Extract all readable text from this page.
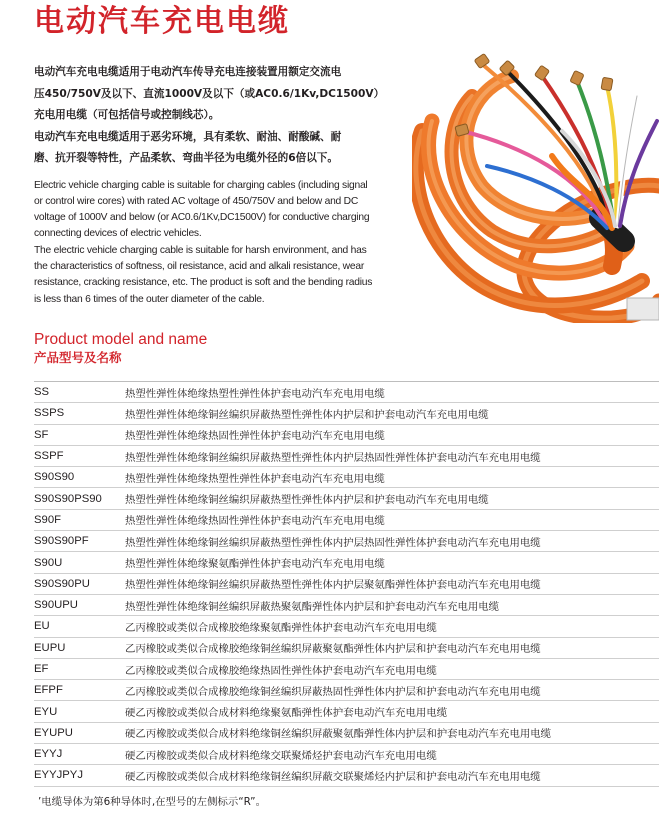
电动汽车充电电缆

电动汽车充电电缆适用于电动汽车传导充电连接装置用额定交流电

压450/750V及以下、直流1000V及以下（或AC0.6/1Kv,DC1500V）

充电用电缆（可包括信号或控制线芯）。

电动汽车充电电缆适用于恶劣环境，具有柔软、耐油、耐酸碱、耐

磨、抗开裂等特性，产品柔软、弯曲半径为电缆外径的6倍以下。

Electric vehicle charging cable is suitable for charging cables (including signal

or control wire cores) with rated AC voltage of 450/750V and below and DC

voltage of 1000V and below (or AC0.6/1Kv,DC1500V) for conductive charging

connecting devices of electric vehicles.

The electric vehicle charging cable is suitable for harsh environment, and has

the characteristics of softness, oil resistance, acid and alkali resistance, wear

resistance, cracking resistance, etc. The product is soft and the bending radius

is less than 6 times of the outer diameter of the cable.

Product model and name
产品型号及名称
SS	热塑性弹性体绝缘热塑性弹性体护套电动汽车充电用电缆
SSPS	热塑性弹性体绝缘铜丝编织屏蔽热塑性弹性体内护层和护套电动汽车充电用电缆
SF	热塑性弹性体绝缘热固性弹性体护套电动汽车充电用电缆
SSPF	热塑性弹性体绝缘铜丝编织屏蔽热塑性弹性体内护层热固性弹性体护套电动汽车充电用电缆
S90S90	热塑性弹性体绝缘热塑性弹性体护套电动汽车充电用电缆
S90S90PS90	热塑性弹性体绝缘铜丝编织屏蔽热塑性弹性体内护层和护套电动汽车充电用电缆
S90F	热塑性弹性体绝缘热固性弹性体护套电动汽车充电用电缆
S90S90PF	热塑性弹性体绝缘铜丝编织屏蔽热塑性弹性体内护层热固性弹性体护套电动汽车充电用电缆
S90U	热塑性弹性体绝缘聚氨酯弹性体护套电动汽车充电用电缆
S90S90PU	热塑性弹性体绝缘铜丝编织屏蔽热塑性弹性体内护层聚氨酯弹性体护套电动汽车充电用电缆
S90UPU	热塑性弹性体绝缘铜丝编织屏蔽热聚氨酯弹性体内护层和护套电动汽车充电用电缆
EU	乙丙橡胶或类似合成橡胶绝缘聚氨酯弹性体护套电动汽车充电用电缆
EUPU	乙丙橡胶或类似合成橡胶绝缘铜丝编织屏蔽聚氨酯弹性体内护层和护套电动汽车充电用电缆
EF	乙丙橡胶或类似合成橡胶绝缘热固性弹性体护套电动汽车充电用电缆
EFPF	乙丙橡胶或类似合成橡胶绝缘铜丝编织屏蔽热固性弹性体内护层和护套电动汽车充电用电缆
EYU	硬乙丙橡胶或类似合成材料绝缘聚氨酯弹性体护套电动汽车充电用电缆
EYUPU	硬乙丙橡胶或类似合成材料绝缘铜丝编织屏蔽聚氨酯弹性体内护层和护套电动汽车充电用电缆
EYYJ	硬乙丙橡胶或类似合成材料绝缘交联聚烯烃护套电动汽车充电用电缆
EYYJPYJ	硬乙丙橡胶或类似合成材料绝缘铜丝编织屏蔽交联聚烯烃内护层和护套电动汽车充电用电缆
’电缆导体为第6种导体时,在型号的左侧标示“R”。
